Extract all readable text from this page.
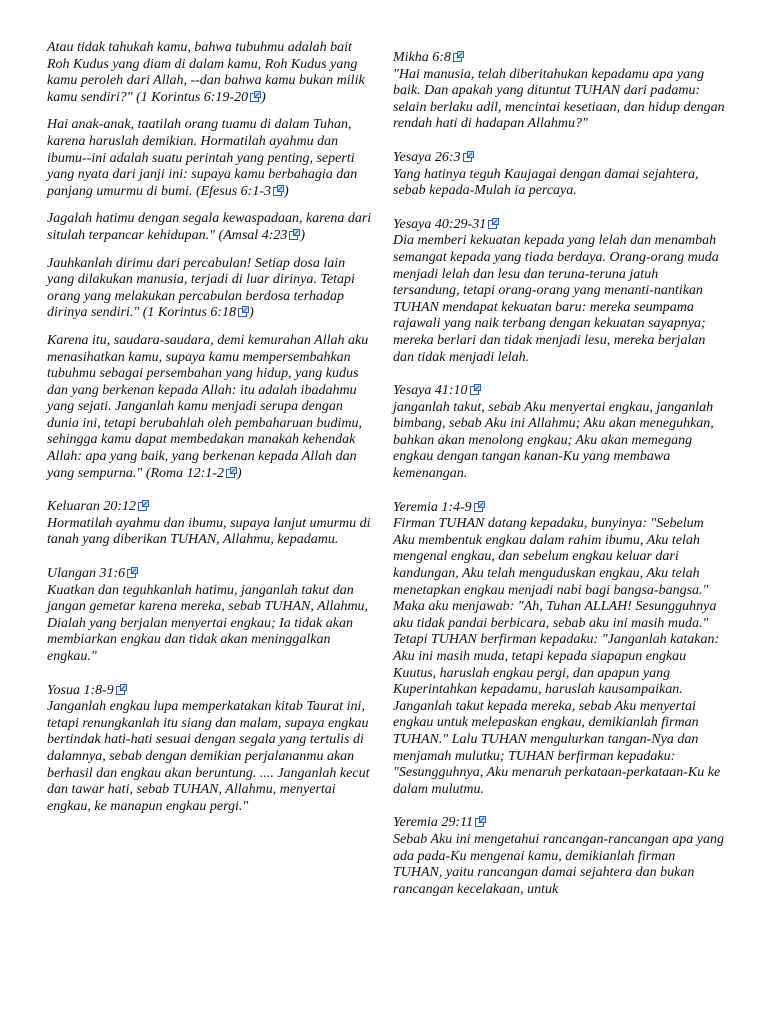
Atau tidak tahukah kamu, bahwa tubuhmu adalah bait Roh Kudus yang diam di dalam kamu, Roh Kudus yang kamu peroleh dari Allah, --dan bahwa kamu bukan milik kamu sendiri?" (1 Korintus 6:19-20 )

Hai anak-anak, taatilah orang tuamu di dalam Tuhan, karena haruslah demikian. Hormatilah ayahmu dan ibumu--ini adalah suatu perintah yang penting, seperti yang nyata dari janji ini: supaya kamu berbahagia dan panjang umurmu di bumi. (Efesus 6:1-3 )

Jagalah hatimu dengan segala kewaspadaan, karena dari situlah terpancar kehidupan." (Amsal 4:23 )

Jauhkanlah dirimu dari percabulan! Setiap dosa lain yang dilakukan manusia, terjadi di luar dirinya. Tetapi orang yang melakukan percabulan berdosa terhadap dirinya sendiri." (1 Korintus 6:18 )

Karena itu, saudara-saudara, demi kemurahan Allah aku menasihatkan kamu, supaya kamu mempersembahkan tubuhmu sebagai persembahan yang hidup, yang kudus dan yang berkenan kepada Allah: itu adalah ibadahmu yang sejati. Janganlah kamu menjadi serupa dengan dunia ini, tetapi berubahlah oleh pembaharuan budimu, sehingga kamu dapat membedakan manakah kehendak Allah: apa yang baik, yang berkenan kepada Allah dan yang sempurna." (Roma 12:1-2 )

Keluaran 20:12
Hormatilah ayahmu dan ibumu, supaya lanjut umurmu di tanah yang diberikan TUHAN, Allahmu, kepadamu.

Ulangan 31:6
Kuatkan dan teguhkanlah hatimu, janganlah takut dan jangan gemetar karena mereka, sebab TUHAN, Allahmu, Dialah yang berjalan menyertai engkau; Ia tidak akan membiarkan engkau dan tidak akan meninggalkan engkau."

Yosua 1:8-9
Janganlah engkau lupa memperkatakan kitab Taurat ini, tetapi renungkanlah itu siang dan malam, supaya engkau bertindak hati-hati sesuai dengan segala yang tertulis di dalamnya, sebab dengan demikian perjalananmu akan berhasil dan engkau akan beruntung. .... Janganlah kecut dan tawar hati, sebab TUHAN, Allahmu, menyertai engkau, ke manapun engkau pergi."

Mikha 6:8
"Hai manusia, telah diberitahukan kepadamu apa yang baik. Dan apakah yang dituntut TUHAN dari padamu: selain berlaku adil, mencintai kesetiaan, dan hidup dengan rendah hati di hadapan Allahmu?"

Yesaya 26:3
Yang hatinya teguh Kaujagai dengan damai sejahtera, sebab kepada-Mulah ia percaya.

Yesaya 40:29-31
Dia memberi kekuatan kepada yang lelah dan menambah semangat kepada yang tiada berdaya. Orang-orang muda menjadi lelah dan lesu dan teruna-teruna jatuh tersandung, tetapi orang-orang yang menanti-nantikan TUHAN mendapat kekuatan baru: mereka seumpama rajawali yang naik terbang dengan kekuatan sayapnya; mereka berlari dan tidak menjadi lesu, mereka berjalan dan tidak menjadi lelah.

Yesaya 41:10
janganlah takut, sebab Aku menyertai engkau, janganlah bimbang, sebab Aku ini Allahmu; Aku akan meneguhkan, bahkan akan menolong engkau; Aku akan memegang engkau dengan tangan kanan-Ku yang membawa kemenangan.

Yeremia 1:4-9
Firman TUHAN datang kepadaku, bunyinya: "Sebelum Aku membentuk engkau dalam rahim ibumu, Aku telah mengenal engkau, dan sebelum engkau keluar dari kandungan, Aku telah menguduskan engkau, Aku telah menetapkan engkau menjadi nabi bagi bangsa-bangsa." Maka aku menjawab: "Ah, Tuhan ALLAH! Sesungguhnya aku tidak pandai berbicara, sebab aku ini masih muda." Tetapi TUHAN berfirman kepadaku: "Janganlah katakan: Aku ini masih muda, tetapi kepada siapapun engkau Kuutus, haruslah engkau pergi, dan apapun yang Kuperintahkan kepadamu, haruslah kausampaikan. Janganlah takut kepada mereka, sebab Aku menyertai engkau untuk melepaskan engkau, demikianlah firman TUHAN." Lalu TUHAN mengulurkan tangan-Nya dan menjamah mulutku; TUHAN berfirman kepadaku: "Sesungguhnya, Aku menaruh perkataan-perkataan-Ku ke dalam mulutmu.

Yeremia 29:11
Sebab Aku ini mengetahui rancangan-rancangan apa yang ada pada-Ku mengenai kamu, demikianlah firman TUHAN, yaitu rancangan damai sejahtera dan bukan rancangan kecelakaan, untuk
